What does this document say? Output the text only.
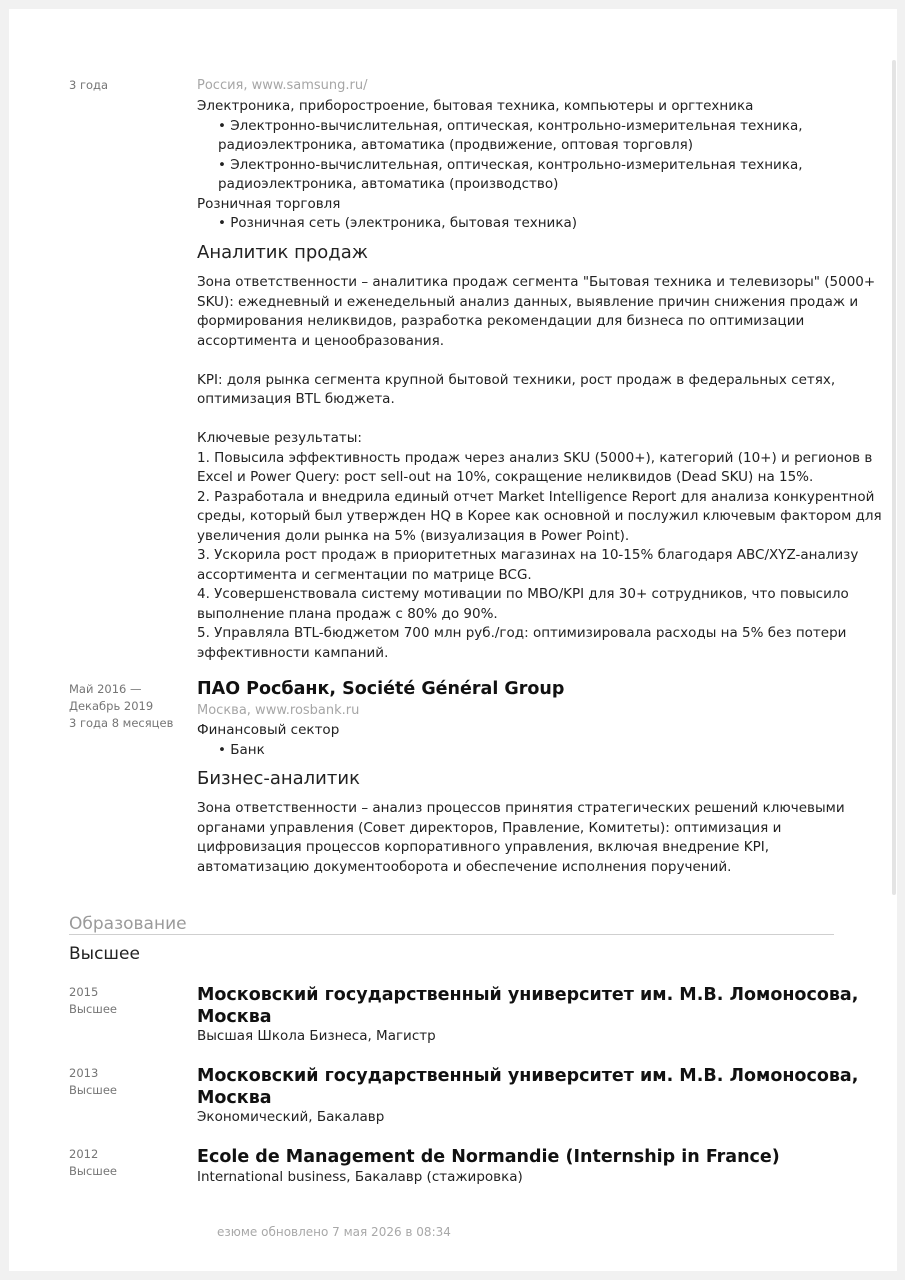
3 года	Россия, www.samsung.ru/
Электроника, приборостроение, бытовая техника, компьютеры и оргтехника
• Электронно-вычислительная, оптическая, контрольно-измерительная техника,
радиоэлектроника, автоматика (продвижение, оптовая торговля)
• Электронно-вычислительная, оптическая, контрольно-измерительная техника,
радиоэлектроника, автоматика (производство)
Розничная торговля
• Розничная сеть (электроника, бытовая техника)
Аналитик продаж
Зона ответственности – аналитика продаж сегмента "Бытовая техника и телевизоры" (5000+
SKU): ежедневный и еженедельный анализ данных, выявление причин снижения продаж и
формирования неликвидов, разработка рекомендации для бизнеса по оптимизации
ассортимента и ценообразования.
KPI: доля рынка сегмента крупной бытовой техники, рост продаж в федеральных сетях,
оптимизация BTL бюджета.
Ключевые результаты:
1. Повысила эффективность продаж через анализ SKU (5000+), категорий (10+) и регионов в
Excel и Power Query: рост sell-out на 10%, сокращение неликвидов (Dead SKU) на 15%.
2. Разработала и внедрила единый отчет Market Intelligence Report для анализа конкурентной
среды, который был утвержден HQ в Корее как основной и послужил ключевым фактором для
увеличения доли рынка на 5% (визуализация в Power Point).
3. Ускорила рост продаж в приоритетных магазинах на 10-15% благодаря ABC/XYZ-анализу
ассортимента и сегментации по матрице BCG.
4. Усовершенствовала систему мотивации по MBO/KPI для 30+ сотрудников, что повысило
выполнение плана продаж с 80% до 90%.
5. Управляла BTL-бюджетом 700 млн руб./год: оптимизировала расходы на 5% без потери
эффективности кампаний.
Май 2016 —
Декабрь 2019
3 года 8 месяцев
ПАО Росбанк, Société Général Group
Москва, www.rosbank.ru
Финансовый сектор
• Банк
Бизнес-аналитик
Зона ответственности – анализ процессов принятия стратегических решений ключевыми
органами управления (Совет директоров, Правление, Комитеты): оптимизация и
цифровизация процессов корпоративного управления, включая внедрение KPI,
автоматизацию документооборота и обеспечение исполнения поручений.
Образование
Высшее
2015
Высшее
Московский государственный университет им. М.В. Ломоносова,
Москва
Высшая Школа Бизнеса, Магистр
2013
Высшее
Московский государственный университет им. М.В. Ломоносова,
Москва
Экономический, Бакалавр
2012
Высшее
Ecole de Management de Normandie (Internship in France)
International business, Бакалавр (стажировка)
езюме обновлено 7 мая 2026 в 08:34
